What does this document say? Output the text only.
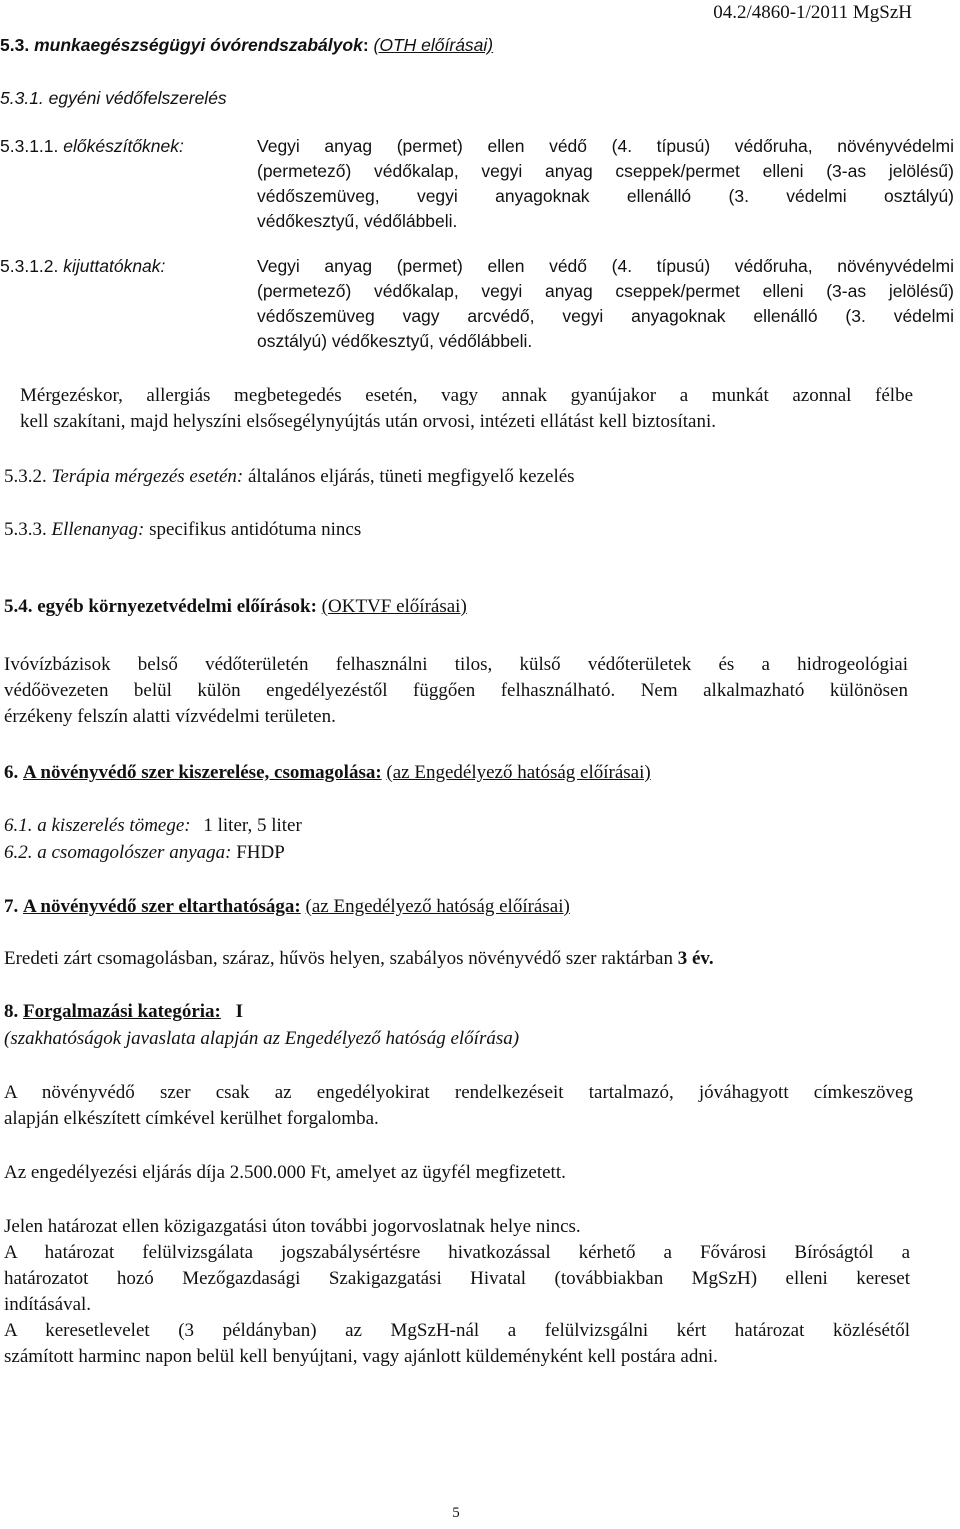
5.3. munkaegészségügyi óvórendszabályok: (OTH előírásai)
04.2/4860-1/2011 MgSzH
5.3.1. egyéni védőfelszerelés
5.3.1.1. előkészítőknek:	Vegyi anyag (permet) ellen védő (4. típusú) védőruha, növényvédelmi
(permetező) védőkalap, vegyi anyag cseppek/permet elleni (3-as jelölésű)
védőszemüveg, vegyi anyagoknak ellenálló (3. védelmi osztályú)
védőkesztyű, védőlábbeli.
5.3.1.2. kijuttatóknak:	Vegyi anyag (permet) ellen védő (4. típusú) védőruha, növényvédelmi
(permetező) védőkalap, vegyi anyag cseppek/permet elleni (3-as jelölésű)
védőszemüveg vagy arcvédő, vegyi anyagoknak ellenálló (3. védelmi
osztályú) védőkesztyű, védőlábbeli.
Mérgezéskor, allergiás megbetegedés esetén, vagy annak gyanújakor a munkát azonnal félbe
kell szakítani, majd helyszíni elsősegélynyújtás után orvosi, intézeti ellátást kell biztosítani.
5.3.2. Terápia mérgezés esetén: általános eljárás, tüneti megfigyelő kezelés
5.3.3. Ellenanyag: specifikus antidótuma nincs
5.4. egyéb környezetvédelmi előírások: (OKTVF előírásai)
Ivóvízbázisok belső védőterületén felhasználni tilos, külső védőterületek és a hidrogeológiai
védőövezeten belül külön engedélyezéstől függően felhasználható. Nem alkalmazható különösen
érzékeny felszín alatti vízvédelmi területen.
6. A növényvédő szer kiszerelése, csomagolása: (az Engedélyező hatóság előírásai)
6.1. a kiszerelés tömege: 1 liter, 5 liter
6.2. a csomagolószer anyaga: FHDP
7. A növényvédő szer eltarthatósága: (az Engedélyező hatóság előírásai)
Eredeti zárt csomagolásban, száraz, hűvös helyen, szabályos növényvédő szer raktárban 3 év.
8. Forgalmazási kategória: I
(szakhatóságok javaslata alapján az Engedélyező hatóság előírása)
A növényvédő szer csak az engedélyokirat rendelkezéseit tartalmazó, jóváhagyott címkeszöveg
alapján elkészített címkével kerülhet forgalomba.
Az engedélyezési eljárás díja 2.500.000 Ft, amelyet az ügyfél megfizetett.
Jelen határozat ellen közigazgatási úton további jogorvoslatnak helye nincs.
A határozat felülvizsgálata jogszabálysértésre hivatkozással kérhető a Fővárosi Bíróságtól a
határozatot hozó Mezőgazdasági Szakigazgatási Hivatal (továbbiakban MgSzH) elleni kereset
indításával.
A keresetlevelet (3 példányban) az MgSzH-nál a felülvizsgálni kért határozat közlésétől
számított harminc napon belül kell benyújtani, vagy ajánlott küldeményként kell postára adni.
5
